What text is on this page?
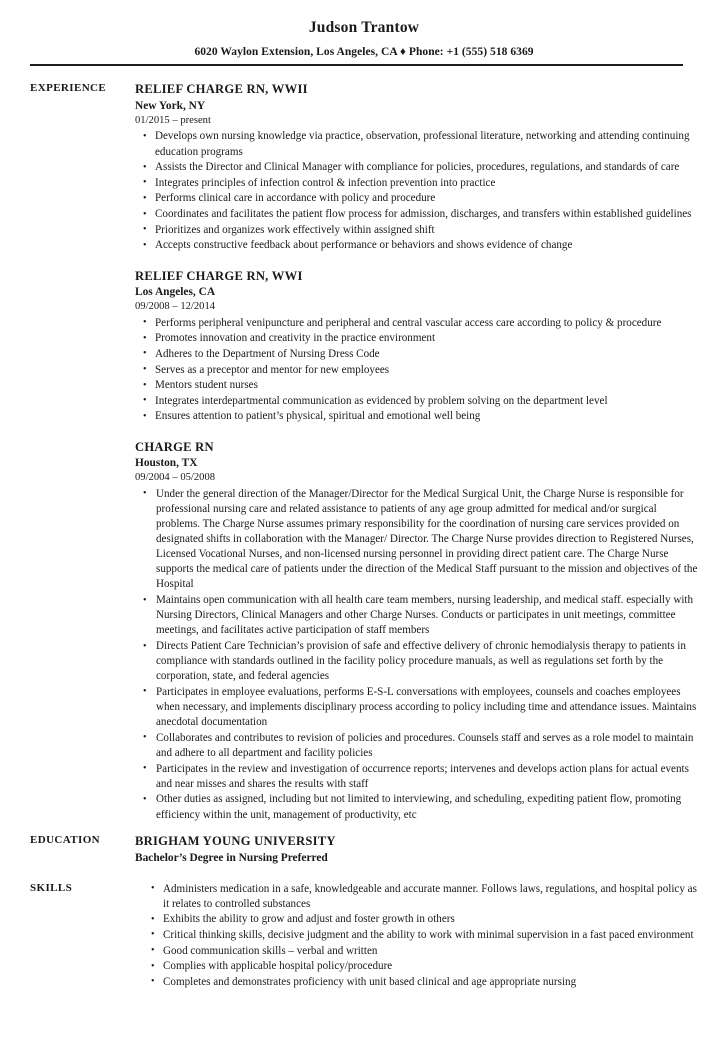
Judson Trantow
6020 Waylon Extension, Los Angeles, CA ♦ Phone: +1 (555) 518 6369
EXPERIENCE	RELIEF CHARGE RN, WWII
New York, NY
01/2015 – present
• Develops own nursing knowledge via practice, observation, professional literature, networking and attending continuing education programs
• Assists the Director and Clinical Manager with compliance for policies, procedures, regulations, and standards of care
• Integrates principles of infection control & infection prevention into practice
• Performs clinical care in accordance with policy and procedure
• Coordinates and facilitates the patient flow process for admission, discharges, and transfers within established guidelines
• Prioritizes and organizes work effectively within assigned shift
• Accepts constructive feedback about performance or behaviors and shows evidence of change
RELIEF CHARGE RN, WWI
Los Angeles, CA
09/2008 – 12/2014
• Performs peripheral venipuncture and peripheral and central vascular access care according to policy & procedure
• Promotes innovation and creativity in the practice environment
• Adheres to the Department of Nursing Dress Code
• Serves as a preceptor and mentor for new employees
• Mentors student nurses
• Integrates interdepartmental communication as evidenced by problem solving on the department level
• Ensures attention to patient’s physical, spiritual and emotional well being
CHARGE RN
Houston, TX
09/2004 – 05/2008
• Under the general direction of the Manager/Director for the Medical Surgical Unit, the Charge Nurse is responsible for professional nursing care and related assistance to patients of any age group admitted for medical and/or surgical problems. The Charge Nurse assumes primary responsibility for the coordination of nursing care services provided on designated shifts in collaboration with the Manager/ Director. The Charge Nurse provides direction to Registered Nurses, Licensed Vocational Nurses, and non-licensed nursing personnel in providing direct patient care. The Charge Nurse supports the medical care of patients under the direction of the Medical Staff pursuant to the mission and objectives of the Hospital
• Maintains open communication with all health care team members, nursing leadership, and medical staff. especially with Nursing Directors, Clinical Managers and other Charge Nurses. Conducts or participates in unit meetings, committee meetings, and facilitates active participation of staff members
• Directs Patient Care Technician’s provision of safe and effective delivery of chronic hemodialysis therapy to patients in compliance with standards outlined in the facility policy procedure manuals, as well as regulations set forth by the corporation, state, and federal agencies
• Participates in employee evaluations, performs E-S-L conversations with employees, counsels and coaches employees when necessary, and implements disciplinary process according to policy including time and attendance issues. Maintains anecdotal documentation
• Collaborates and contributes to revision of policies and procedures. Counsels staff and serves as a role model to maintain and adhere to all department and facility policies
• Participates in the review and investigation of occurrence reports; intervenes and develops action plans for actual events and near misses and shares the results with staff
• Other duties as assigned, including but not limited to interviewing, and scheduling, expediting patient flow, promoting efficiency within the unit, management of productivity, etc
EDUCATION	BRIGHAM YOUNG UNIVERSITY
Bachelor’s Degree in Nursing Preferred
SKILLS	• Administers medication in a safe, knowledgeable and accurate manner. Follows laws, regulations, and hospital policy as it relates to controlled substances
• Exhibits the ability to grow and adjust and foster growth in others
• Critical thinking skills, decisive judgment and the ability to work with minimal supervision in a fast paced environment
• Good communication skills – verbal and written
• Complies with applicable hospital policy/procedure
• Completes and demonstrates proficiency with unit based clinical and age appropriate nursing
